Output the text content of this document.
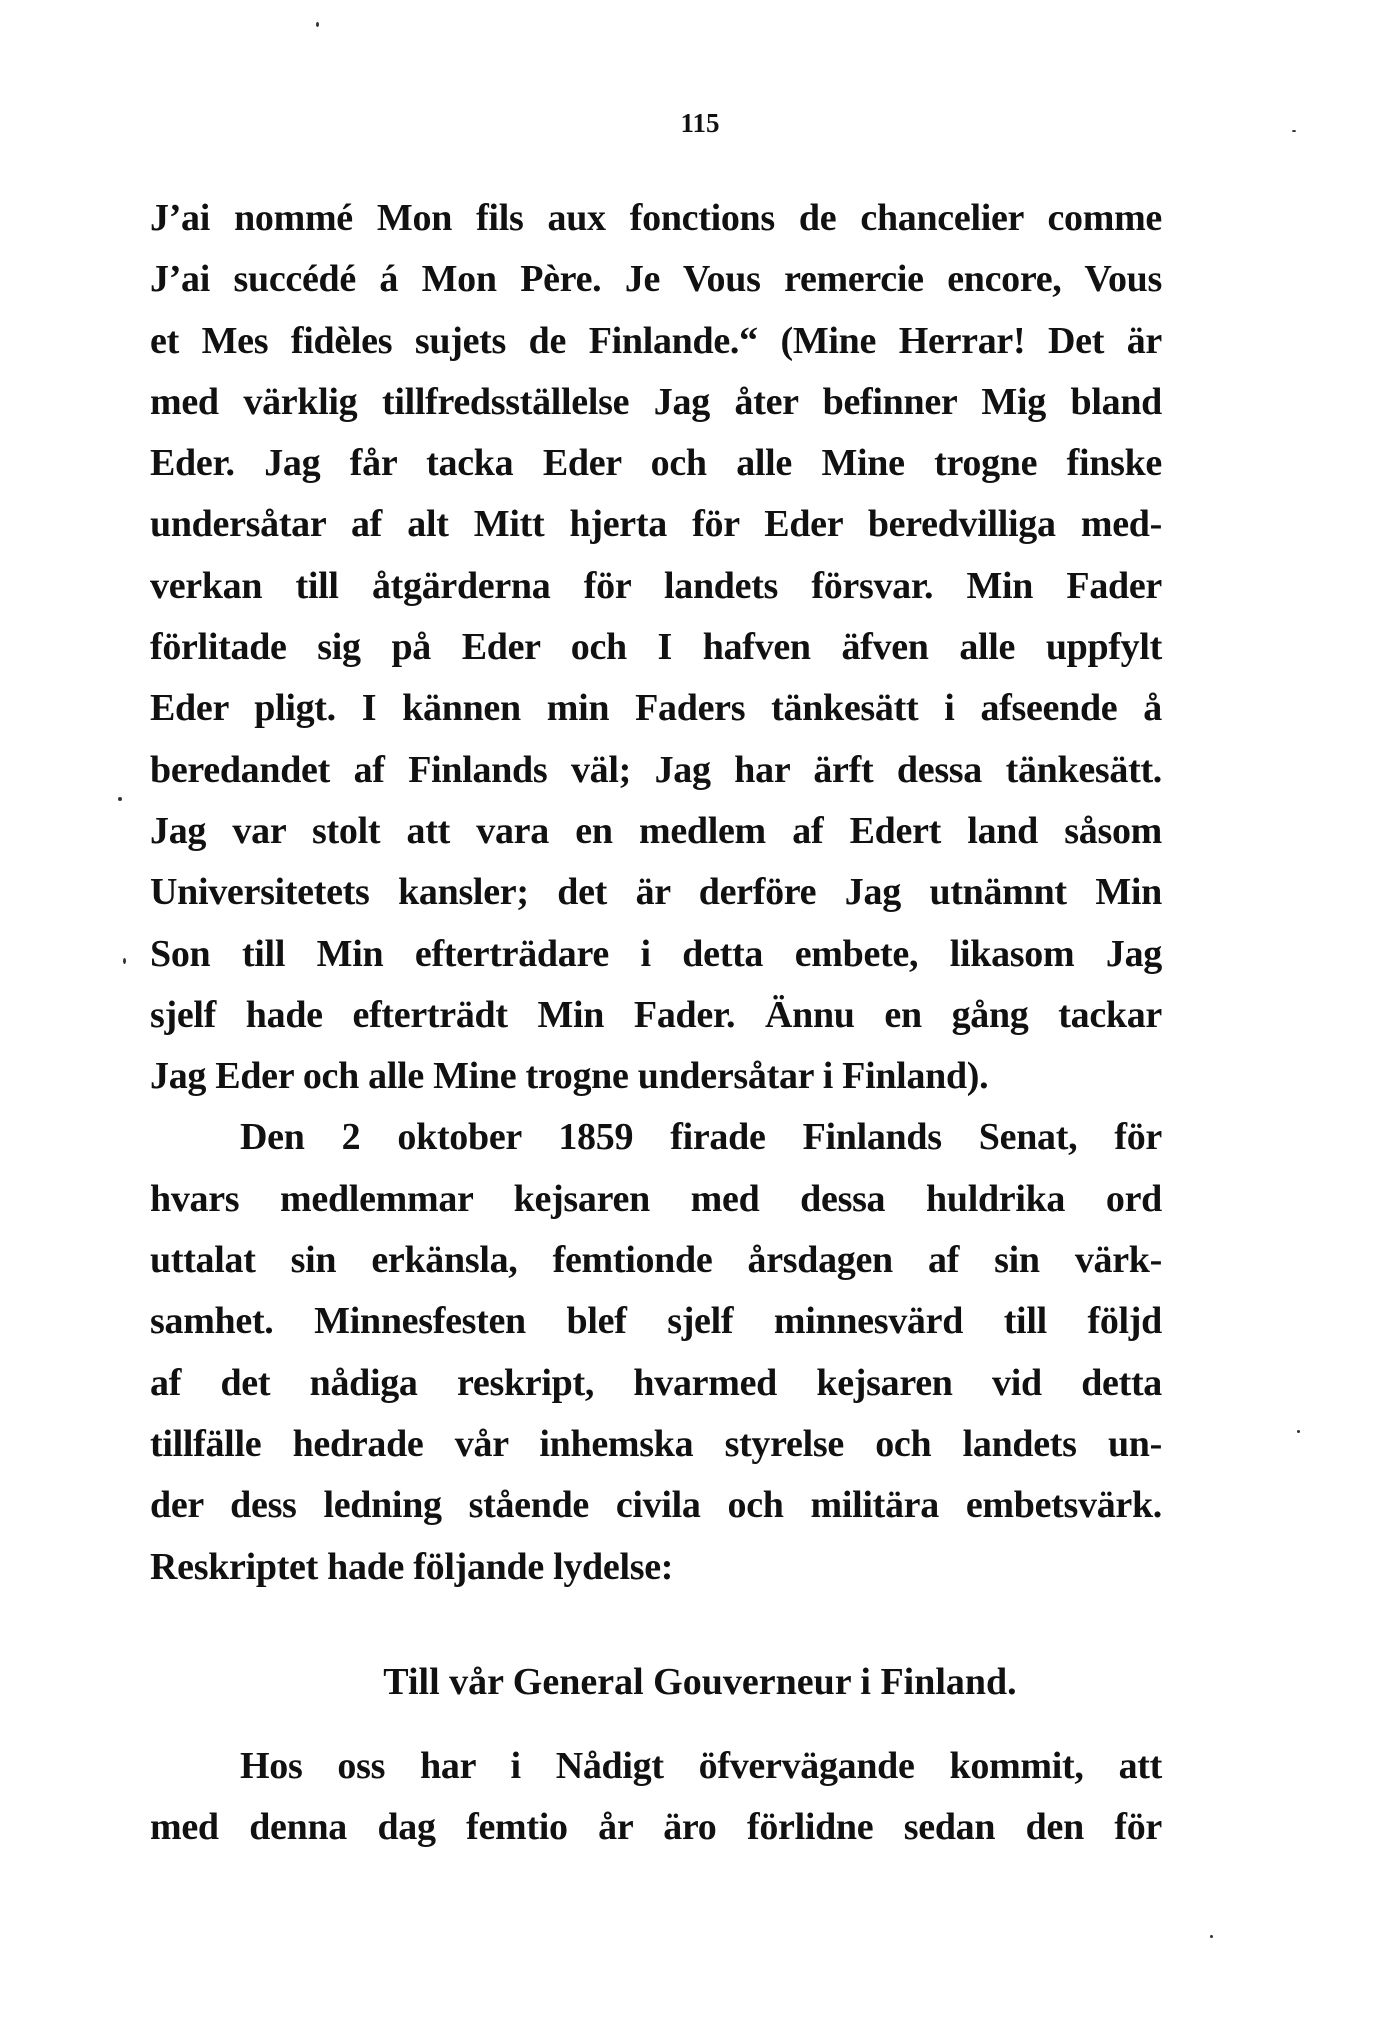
115
J’ai nommé Mon fils aux fonctions de chancelier comme
J’ai succédé á Mon Père. Je Vous remercie encore, Vous
et Mes fidèles sujets de Finlande.“ (Mine Herrar! Det är
med värklig tillfredsställelse Jag åter befinner Mig bland
Eder. Jag får tacka Eder och alle Mine trogne finske
undersåtar af alt Mitt hjerta för Eder beredvilliga med-
verkan till åtgärderna för landets försvar. Min Fader
förlitade sig på Eder och I hafven äfven alle uppfylt
Eder pligt. I kännen min Faders tänkesätt i afseende å
beredandet af Finlands väl; Jag har ärft dessa tänkesätt.
Jag var stolt att vara en medlem af Edert land såsom
Universitetets kansler; det är derföre Jag utnämnt Min
Son till Min efterträdare i detta embete, likasom Jag
sjelf hade efterträdt Min Fader. Ännu en gång tackar
Jag Eder och alle Mine trogne undersåtar i Finland).
Den 2 oktober 1859 firade Finlands Senat, för
hvars medlemmar kejsaren med dessa huldrika ord
uttalat sin erkänsla, femtionde årsdagen af sin värk-
samhet. Minnesfesten blef sjelf minnesvärd till följd
af det nådiga reskript, hvarmed kejsaren vid detta
tillfälle hedrade vår inhemska styrelse och landets un-
der dess ledning stående civila och militära embetsvärk.
Reskriptet hade följande lydelse:
Till vår General Gouverneur i Finland.
Hos oss har i Nådigt öfvervägande kommit, att
med denna dag femtio år äro förlidne sedan den för
